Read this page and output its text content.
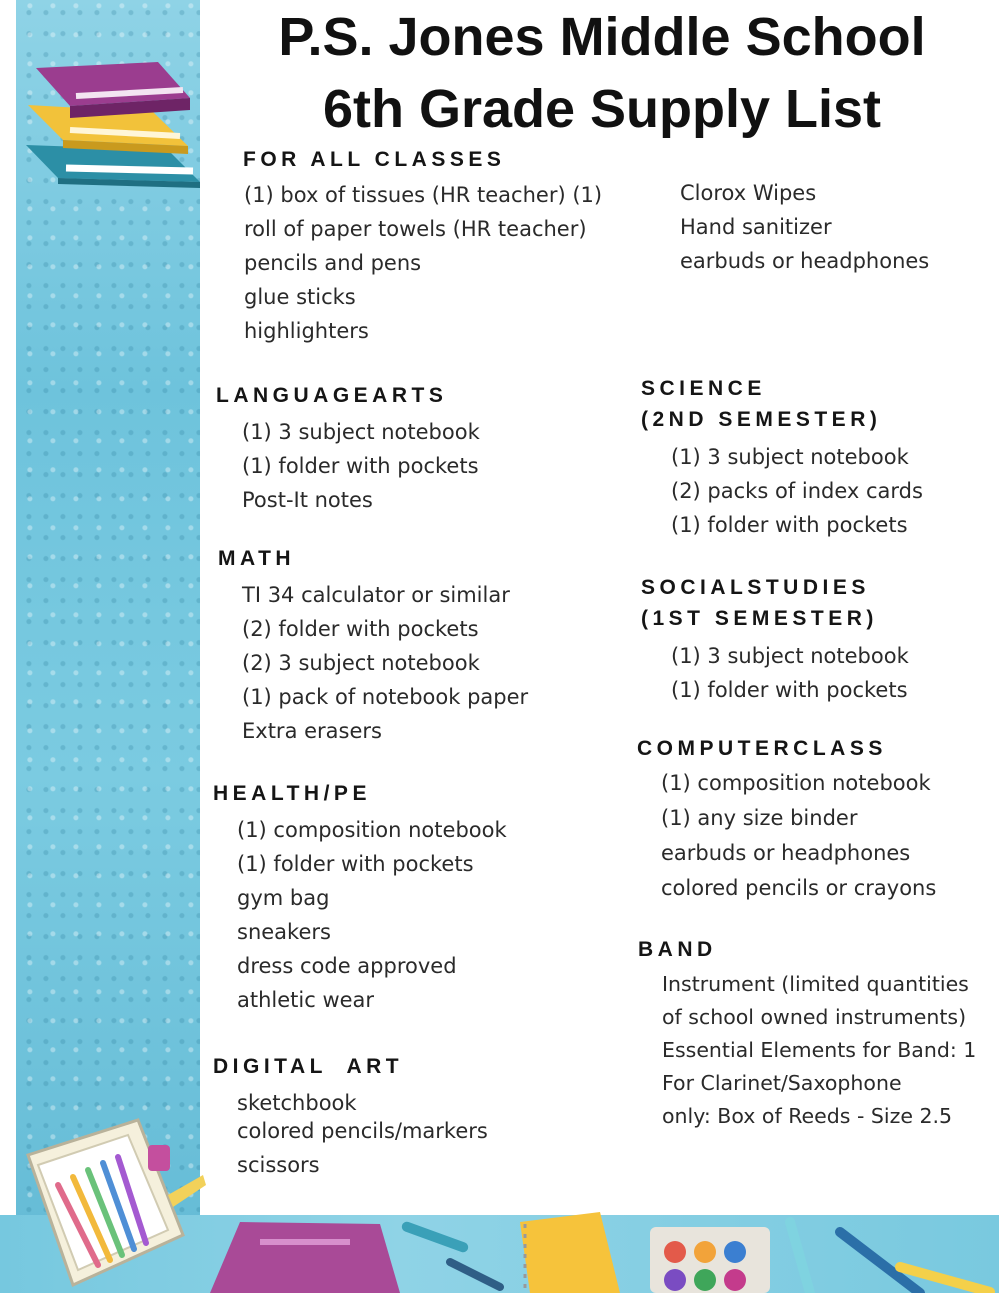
P.S. Jones Middle School
6th Grade Supply List
FOR ALL CLASSES
(1) box of tissues (HR teacher) (1)
roll of paper towels (HR teacher)
pencils and pens
glue sticks
highlighters
Clorox Wipes
Hand sanitizer
earbuds or headphones
LANGUAGEARTS
(1) 3 subject notebook
(1) folder with pockets
Post-It notes
MATH
TI 34 calculator or similar
(2) folder with pockets
(2) 3 subject notebook
(1) pack of notebook paper
Extra erasers
HEALTH/PE
(1) composition notebook
(1) folder with pockets
gym bag
sneakers
dress code approved
athletic wear
DIGITAL  ART
sketchbook
colored pencils/markers
scissors
SCIENCE
(2ND SEMESTER)
(1) 3 subject notebook
(2) packs of index cards
(1) folder with pockets
SOCIALSTUDIES
(1ST SEMESTER)
(1) 3 subject notebook
(1) folder with pockets
COMPUTERCLASS
(1) composition notebook
(1) any size binder
earbuds or headphones
colored pencils or crayons
BAND
Instrument (limited quantities
of school owned instruments)
Essential Elements for Band: 1
For Clarinet/Saxophone
only: Box of Reeds - Size 2.5
